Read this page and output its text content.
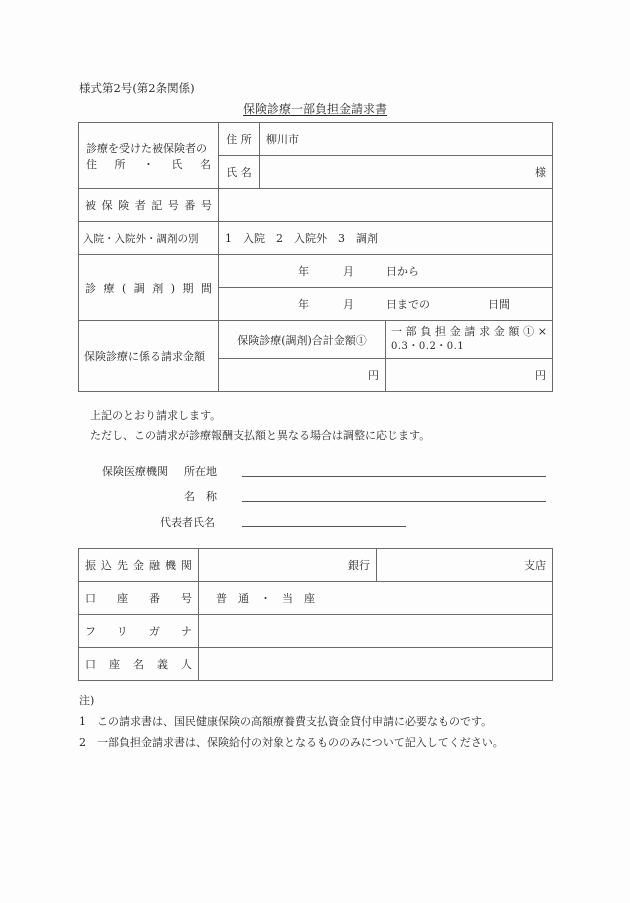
様式第2号(第2条関係)
保険診療一部負担金請求書
診療を受けた被保険者の
住　所　・　氏　名	住 所	柳川市	
	氏 名	様	
被保険者記号番号			
入院・入院外・調剤の別	1　入院　2　入院外　3　調剤		
診療(調剤)期間	年 月 日から		
	年 月 日までの 日間		
保険診療に係る請求金額	保険診療(調剤)合計金額①		一部負担金請求金額①×
0.3・0.2・0.1

	円		円
上記のとおり請求します。
ただし、この請求が診療報酬支払額と異なる場合は調整に応じます。
保険医療機関 所在地
名　称
代表者氏名
振込先金融機関	銀行	支店
口座番号	普　通　・　当　座	
フリガナ		
口座名義人		
注)
1　この請求書は、国民健康保険の高額療養費支払資金貸付申請に必要なものです。
2　一部負担金請求書は、保険給付の対象となるもののみについて記入してください。
